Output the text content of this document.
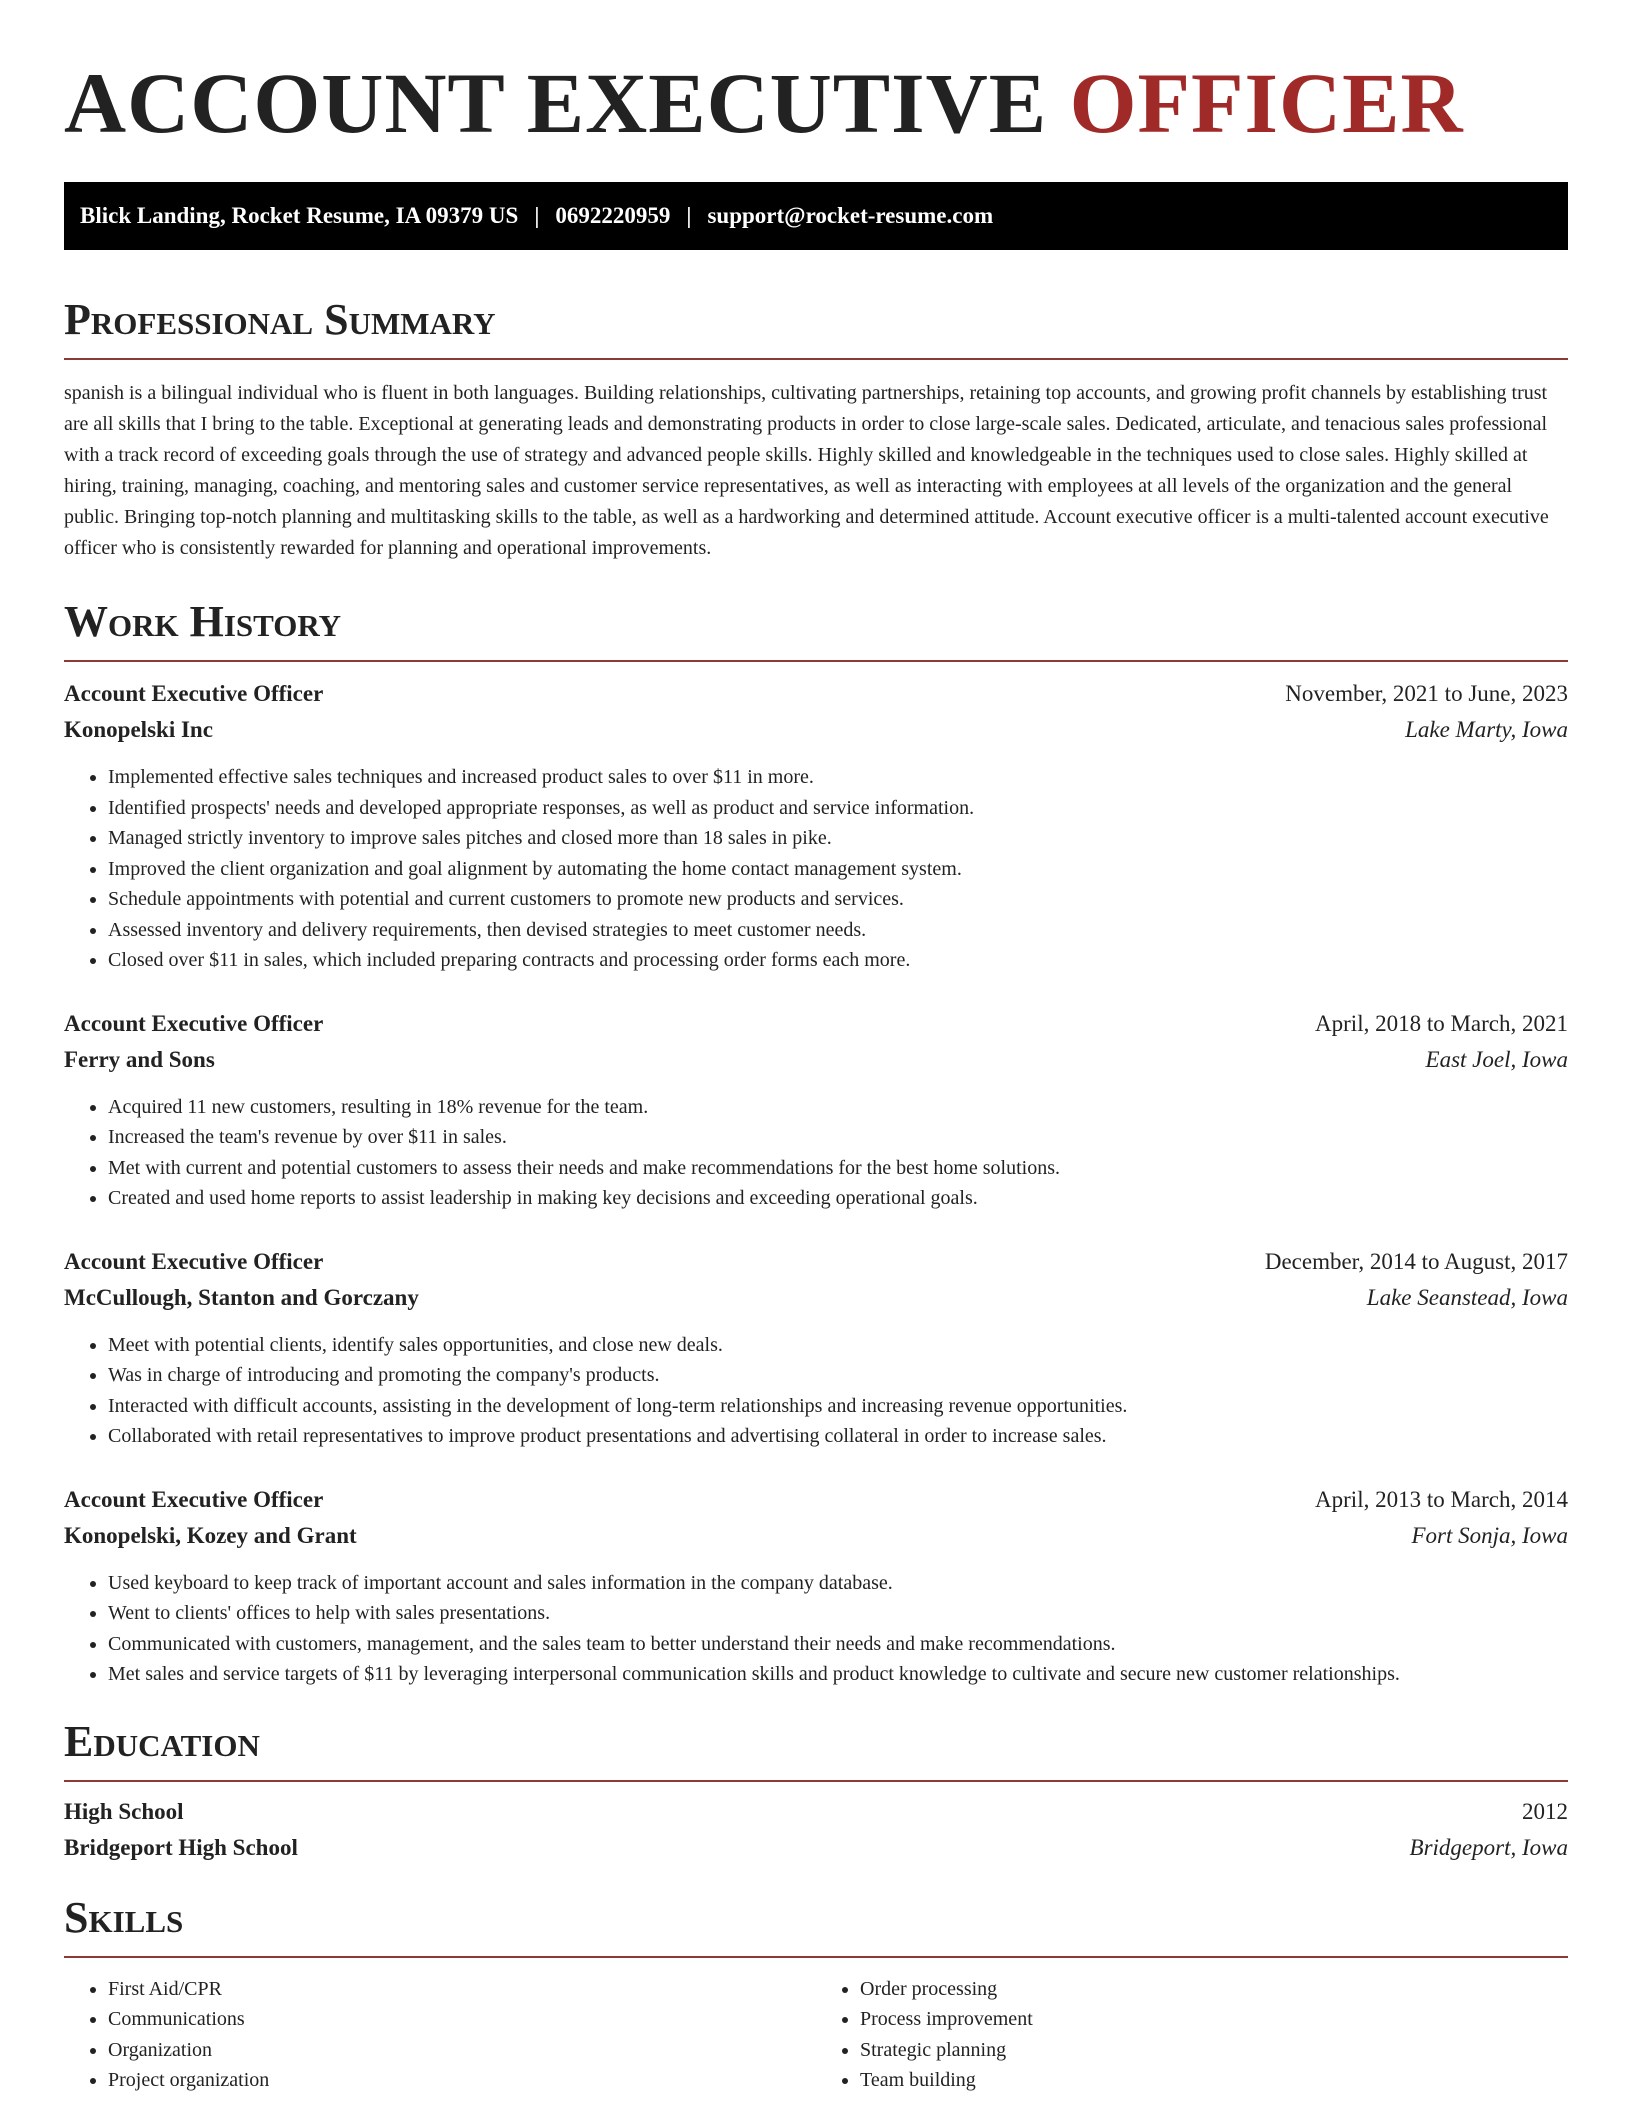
ACCOUNT EXECUTIVE OFFICER
Blick Landing, Rocket Resume, IA 09379 US | 0692220959 | support@rocket-resume.com
Professional Summary

spanish is a bilingual individual who is fluent in both languages. Building relationships, cultivating partnerships, retaining top accounts, and growing profit channels by establishing trust are all skills that I bring to the table. Exceptional at generating leads and demonstrating products in order to close large-scale sales. Dedicated, articulate, and tenacious sales professional with a track record of exceeding goals through the use of strategy and advanced people skills. Highly skilled and knowledgeable in the techniques used to close sales. Highly skilled at hiring, training, managing, coaching, and mentoring sales and customer service representatives, as well as interacting with employees at all levels of the organization and the general public. Bringing top-notch planning and multitasking skills to the table, as well as a hardworking and determined attitude. Account executive officer is a multi-talented account executive officer who is consistently rewarded for planning and operational improvements.

Work History
Account Executive Officer	November, 2021 to June, 2023
Konopelski Inc	Lake Marty, Iowa
• Implemented effective sales techniques and increased product sales to over $11 in more.
• Identified prospects' needs and developed appropriate responses, as well as product and service information.
• Managed strictly inventory to improve sales pitches and closed more than 18 sales in pike.
• Improved the client organization and goal alignment by automating the home contact management system.
• Schedule appointments with potential and current customers to promote new products and services.
• Assessed inventory and delivery requirements, then devised strategies to meet customer needs.
• Closed over $11 in sales, which included preparing contracts and processing order forms each more.
Account Executive Officer	April, 2018 to March, 2021
Ferry and Sons	East Joel, Iowa
• Acquired 11 new customers, resulting in 18% revenue for the team.
• Increased the team's revenue by over $11 in sales.
• Met with current and potential customers to assess their needs and make recommendations for the best home solutions.
• Created and used home reports to assist leadership in making key decisions and exceeding operational goals.
Account Executive Officer	December, 2014 to August, 2017
McCullough, Stanton and Gorczany	Lake Seanstead, Iowa
• Meet with potential clients, identify sales opportunities, and close new deals.
• Was in charge of introducing and promoting the company's products.
• Interacted with difficult accounts, assisting in the development of long-term relationships and increasing revenue opportunities.
• Collaborated with retail representatives to improve product presentations and advertising collateral in order to increase sales.
Account Executive Officer	April, 2013 to March, 2014
Konopelski, Kozey and Grant	Fort Sonja, Iowa
• Used keyboard to keep track of important account and sales information in the company database.
• Went to clients' offices to help with sales presentations.
• Communicated with customers, management, and the sales team to better understand their needs and make recommendations.
• Met sales and service targets of $11 by leveraging interpersonal communication skills and product knowledge to cultivate and secure new customer relationships.
Education
High School	2012
Bridgeport High School	Bridgeport, Iowa
Skills
• First Aid/CPR
• Communications
• Organization
• Project organization
• Order processing
• Process improvement
• Strategic planning
• Team building
